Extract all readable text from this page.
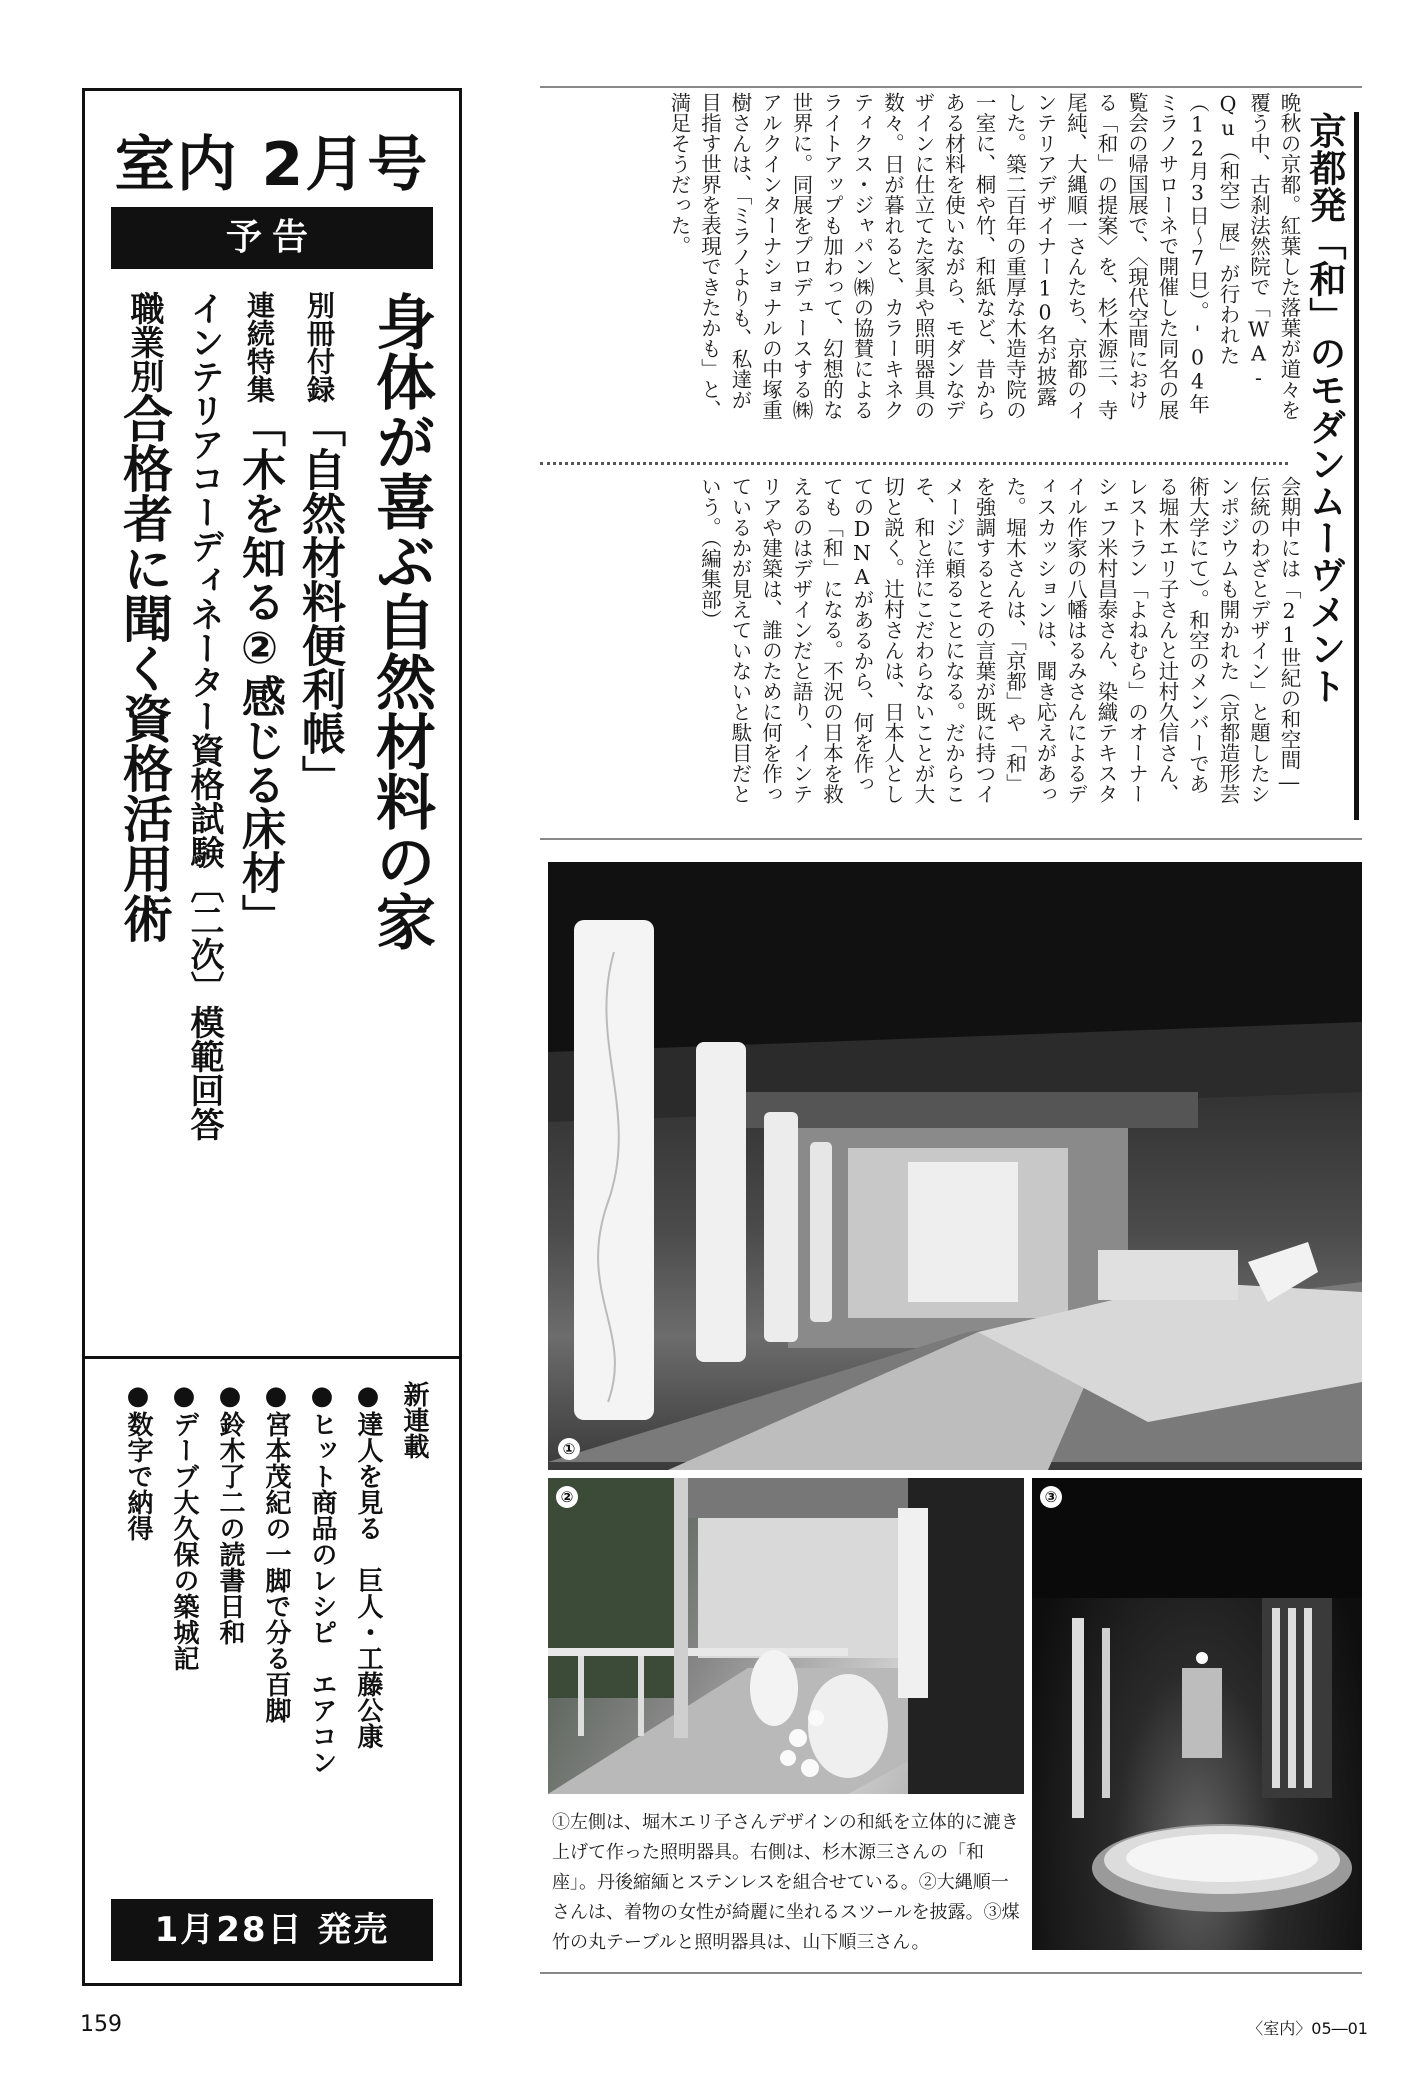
室内 2月号
予告
身体が喜ぶ自然材料の家
別冊付録「自然材料便利帳」
連続特集「木を知る②感じる床材」
インテリアコーディネーター資格試験〔二次〕模範回答
職業別合格者に聞く資格活用術
新連載
●達人を見る　巨人・工藤公康
●ヒット商品のレシピ　エアコン
●宮本茂紀の一脚で分る百脚
●鈴木了二の読書日和
●デーブ大久保の築城記
●数字で納得
1月28日 発売
京都発「和」のモダンムーヴメント
晩秋の京都。紅葉した落葉が道々を覆う中、古刹法然院で「WA-Qu（和空）展」が行われた（12月3日〜7日）。'04年ミラノサローネで開催した同名の展覧会の帰国展で、〈現代空間における「和」の提案〉を、杉木源三、寺尾純、大縄順一さんたち、京都のインテリアデザイナー10名が披露した。築二百年の重厚な木造寺院の一室に、桐や竹、和紙など、昔からある材料を使いながら、モダンなデザインに仕立てた家具や照明器具の数々。日が暮れると、カラーキネクティクス・ジャパン㈱の協賛によるライトアップも加わって、幻想的な世界に。同展をプロデュースする㈱アルクインターナショナルの中塚重樹さんは、「ミラノよりも、私達が目指す世界を表現できたかも」と、満足そうだった。
会期中には「21世紀の和空間―伝統のわざとデザイン」と題したシンポジウムも開かれた（京都造形芸術大学にて）。和空のメンバーである堀木エリ子さんと辻村久信さん、レストラン「よねむら」のオーナーシェフ米村昌泰さん、染織テキスタイル作家の八幡はるみさんによるディスカッションは、聞き応えがあった。堀木さんは、「京都」や「和」を強調するとその言葉が既に持つイメージに頼ることになる。だからこそ、和と洋にこだわらないことが大切と説く。辻村さんは、日本人としてのDNAがあるから、何を作っても「和」になる。不況の日本を救えるのはデザインだと語り、インテリアや建築は、誰のために何を作っているかが見えていないと駄目だという。（編集部）
①
②	③
①左側は、堀木エリ子さんデザインの和紙を立体的に漉き上げて作った照明器具。右側は、杉木源三さんの「和座」。丹後縮緬とステンレスを組合せている。②大縄順一さんは、着物の女性が綺麗に坐れるスツールを披露。③煤竹の丸テーブルと照明器具は、山下順三さん。
159	〈室内〉05―01
